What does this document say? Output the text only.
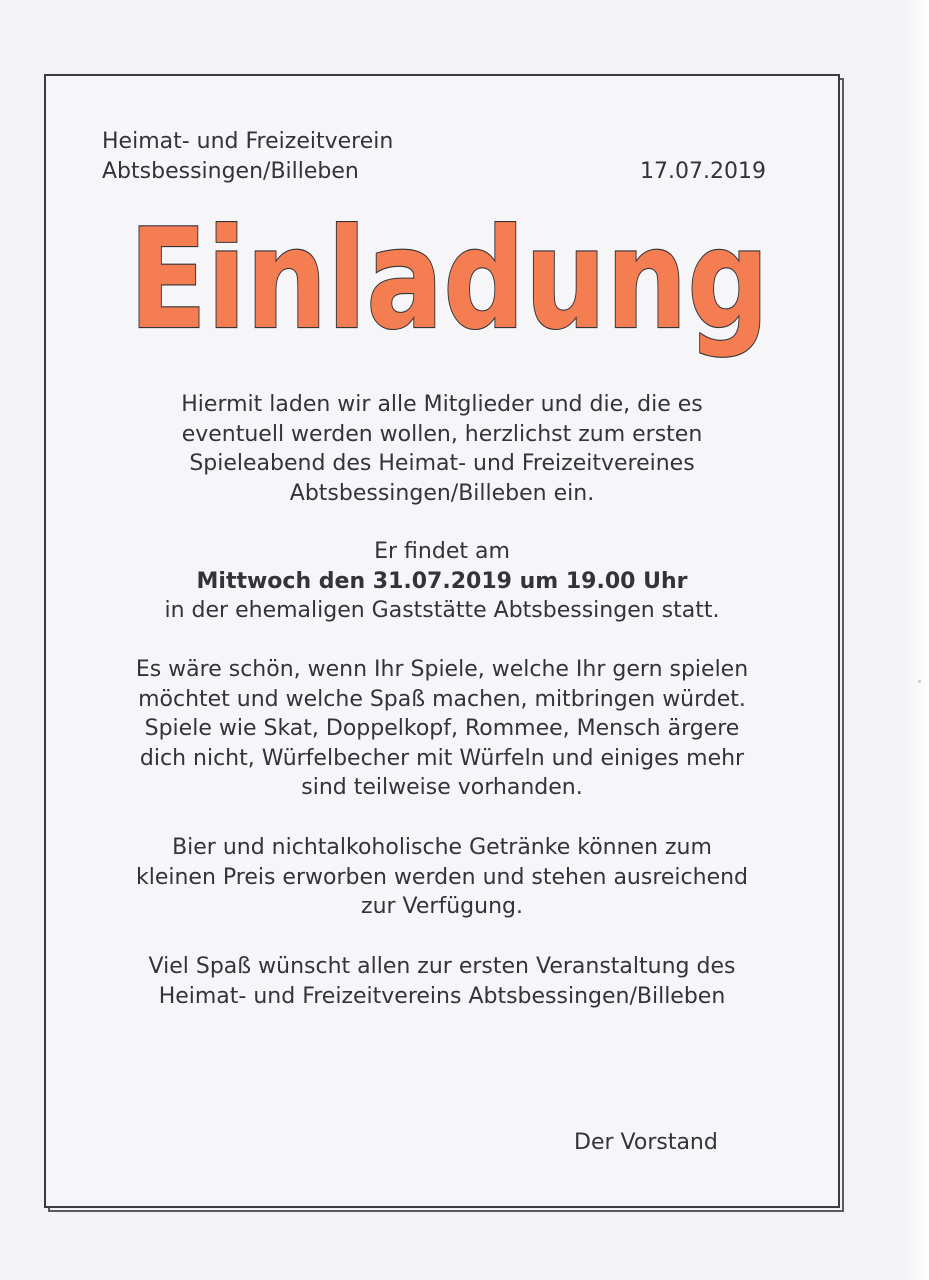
Heimat- und Freizeitverein
Abtsbessingen/Billeben	17.07.2019
Einladung
Hiermit laden wir alle Mitglieder und die, die es
eventuell werden wollen, herzlichst zum ersten
Spieleabend des Heimat- und Freizeitvereines
Abtsbessingen/Billeben ein.
Er findet am
Mittwoch den 31.07.2019 um 19.00 Uhr
in der ehemaligen Gaststätte Abtsbessingen statt.
Es wäre schön, wenn Ihr Spiele, welche Ihr gern spielen
möchtet und welche Spaß machen, mitbringen würdet.
Spiele wie Skat, Doppelkopf, Rommee, Mensch ärgere
dich nicht, Würfelbecher mit Würfeln und einiges mehr
sind teilweise vorhanden.
Bier und nichtalkoholische Getränke können zum
kleinen Preis erworben werden und stehen ausreichend
zur Verfügung.
Viel Spaß wünscht allen zur ersten Veranstaltung des
Heimat- und Freizeitvereins Abtsbessingen/Billeben
Der Vorstand
